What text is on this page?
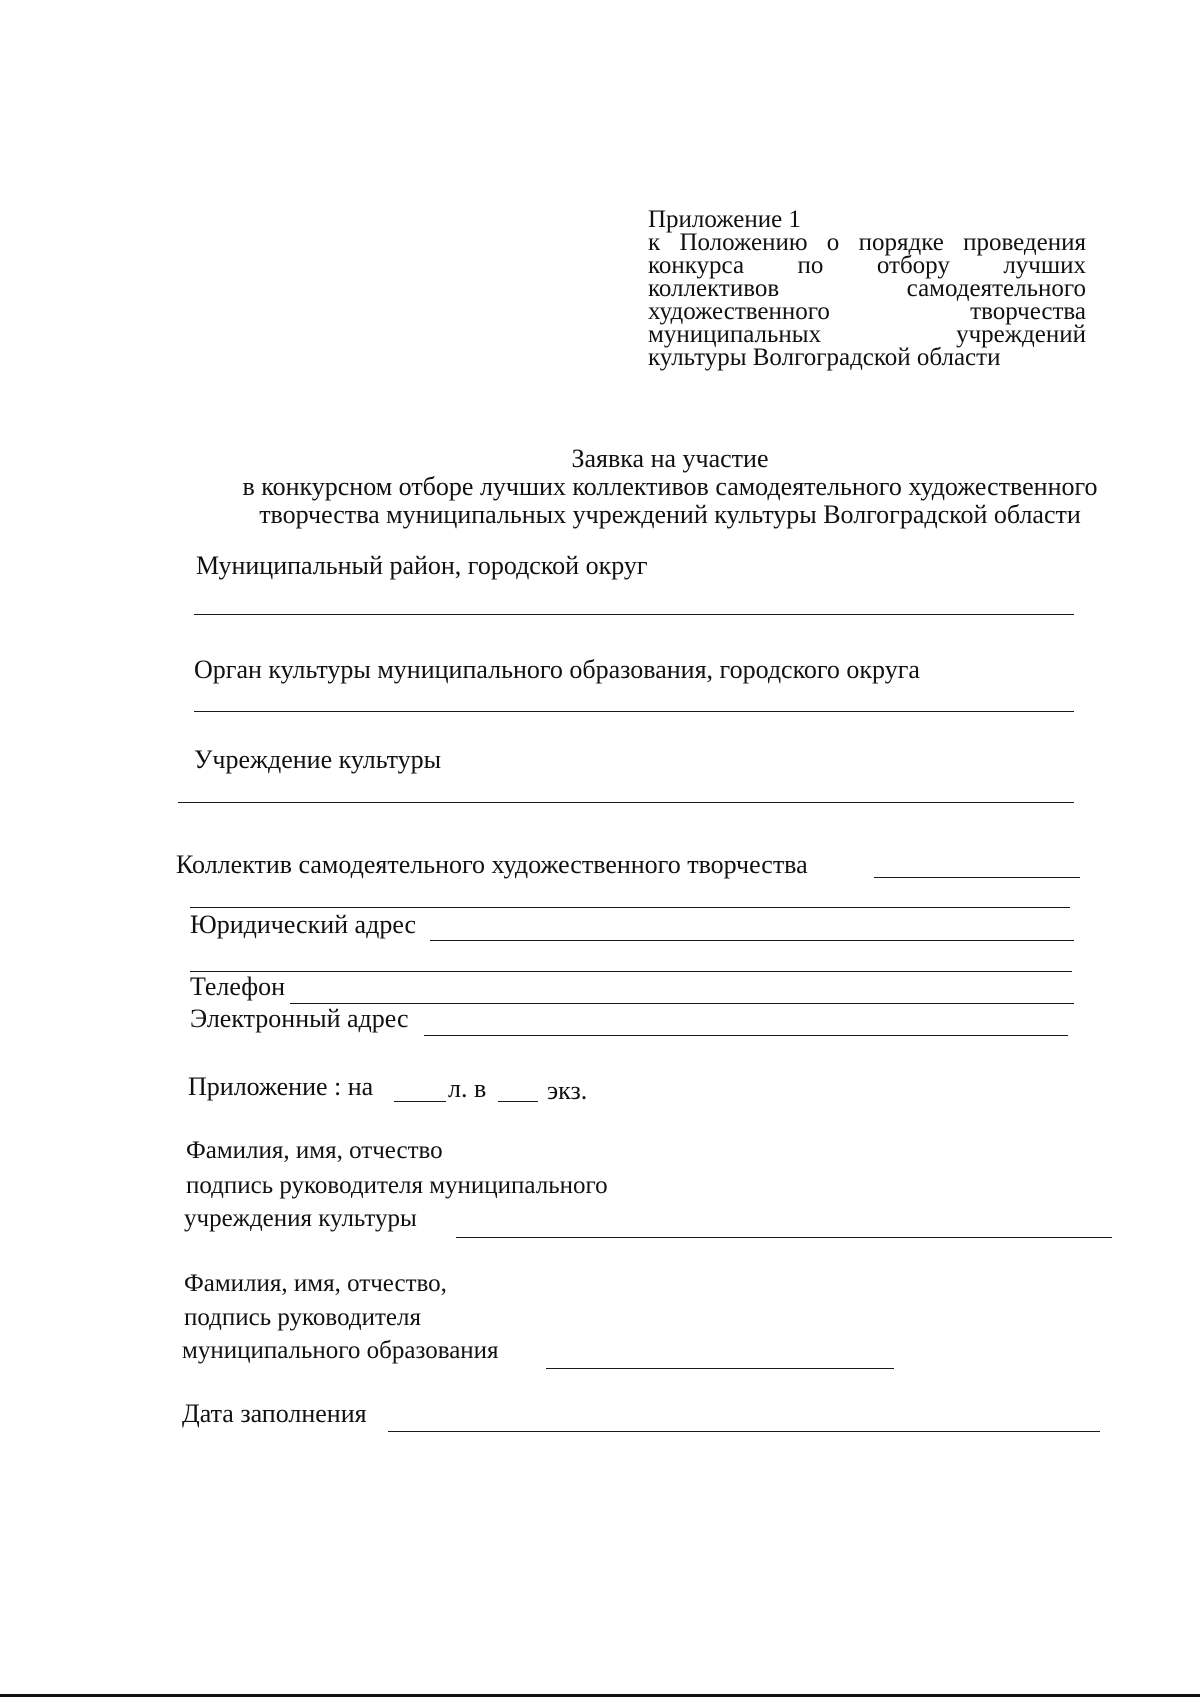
Приложение 1
к Положению о порядке проведения
конкурса по отбору лучших
коллективов самодеятельного
художественного творчества
муниципальных учреждений
культуры Волгоградской области
Заявка на участие
в конкурсном отборе лучших коллективов самодеятельного художественного
творчества муниципальных учреждений культуры Волгоградской области
Муниципальный район, городской округ
Орган культуры муниципального образования, городского округа
Учреждение культуры
Коллектив самодеятельного художественного творчества
Юридический адрес
Телефон
Электронный адрес
Приложение : на	л. в экз.
Фамилия, имя, отчество
подпись руководителя муниципального
учреждения культуры
Фамилия, имя, отчество,
подпись руководителя
муниципального образования
Дата заполнения
